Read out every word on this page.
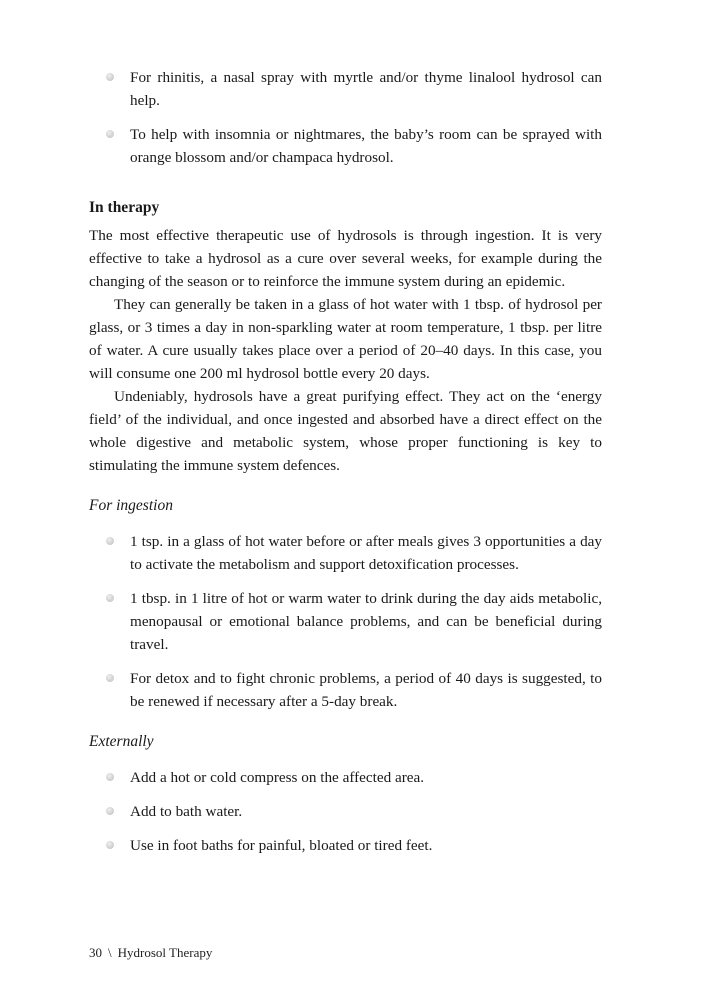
For rhinitis, a nasal spray with myrtle and/or thyme linalool hydrosol can help.
To help with insomnia or nightmares, the baby’s room can be sprayed with orange blossom and/or champaca hydrosol.
In therapy

The most effective therapeutic use of hydrosols is through ingestion. It is very effective to take a hydrosol as a cure over several weeks, for example during the changing of the season or to reinforce the immune system during an epidemic.

They can generally be taken in a glass of hot water with 1 tbsp. of hydrosol per glass, or 3 times a day in non-sparkling water at room temperature, 1 tbsp. per litre of water. A cure usually takes place over a period of 20–40 days. In this case, you will consume one 200 ml hydrosol bottle every 20 days.

Undeniably, hydrosols have a great purifying effect. They act on the ‘energy field’ of the individual, and once ingested and absorbed have a direct effect on the whole digestive and metabolic system, whose proper functioning is key to stimulating the immune system defences.

For ingestion
1 tsp. in a glass of hot water before or after meals gives 3 opportunities a day to activate the metabolism and support detoxification processes.
1 tbsp. in 1 litre of hot or warm water to drink during the day aids metabolic, menopausal or emotional balance problems, and can be beneficial during travel.
For detox and to fight chronic problems, a period of 40 days is suggested, to be renewed if necessary after a 5-day break.
Externally
Add a hot or cold compress on the affected area.
Add to bath water.
Use in foot baths for painful, bloated or tired feet.
30 \ Hydrosol Therapy
